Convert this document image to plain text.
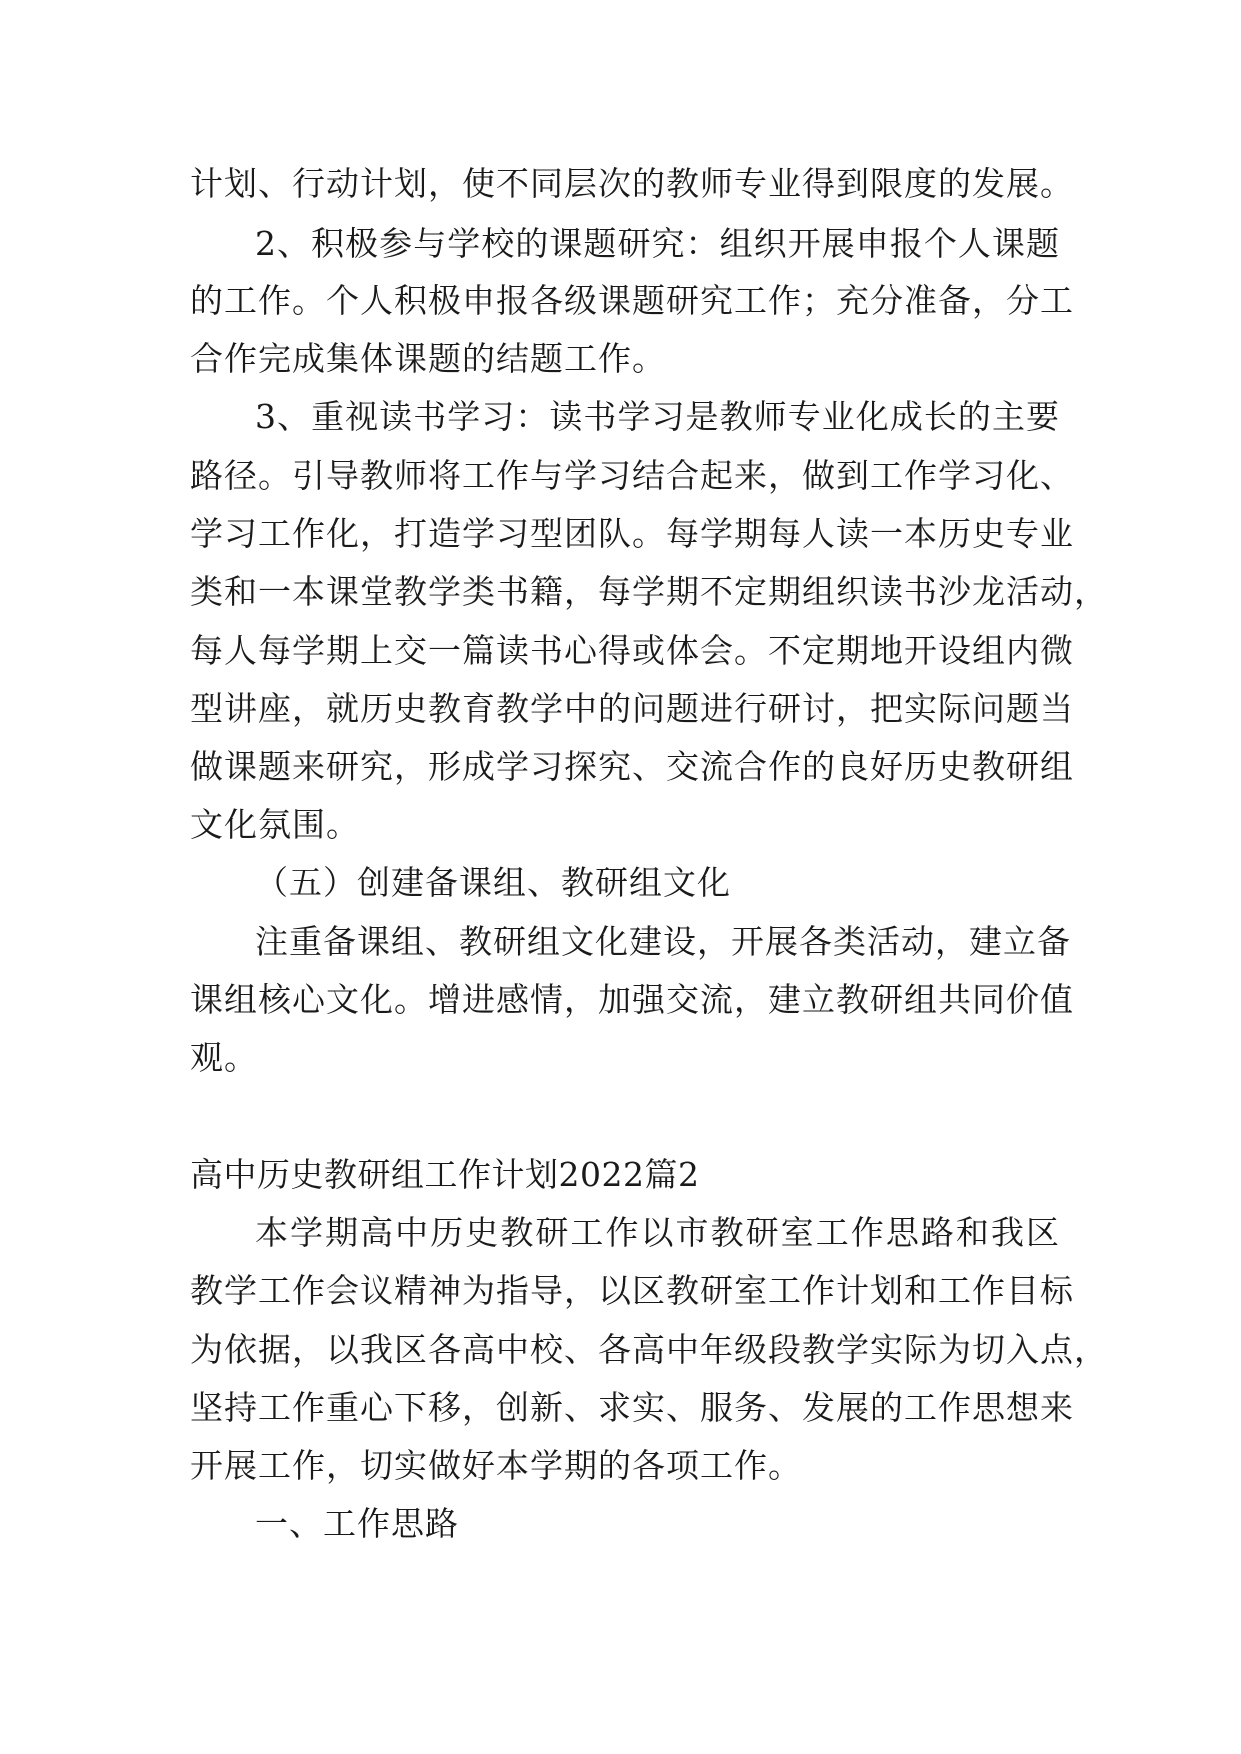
计划、行动计划，使不同层次的教师专业得到限度的发展。
2、积极参与学校的课题研究：组织开展申报个人课题
的工作。个人积极申报各级课题研究工作；充分准备，分工
合作完成集体课题的结题工作。
3、重视读书学习：读书学习是教师专业化成长的主要
路径。引导教师将工作与学习结合起来，做到工作学习化、
学习工作化，打造学习型团队。每学期每人读一本历史专业
类和一本课堂教学类书籍，每学期不定期组织读书沙龙活动，
每人每学期上交一篇读书心得或体会。不定期地开设组内微
型讲座，就历史教育教学中的问题进行研讨，把实际问题当
做课题来研究，形成学习探究、交流合作的良好历史教研组
文化氛围。
（五）创建备课组、教研组文化
注重备课组、教研组文化建设，开展各类活动，建立备
课组核心文化。增进感情，加强交流，建立教研组共同价值
观。
高中历史教研组工作计划2022篇2
本学期高中历史教研工作以市教研室工作思路和我区
教学工作会议精神为指导，以区教研室工作计划和工作目标
为依据，以我区各高中校、各高中年级段教学实际为切入点，
坚持工作重心下移，创新、求实、服务、发展的工作思想来
开展工作，切实做好本学期的各项工作。
一、工作思路
